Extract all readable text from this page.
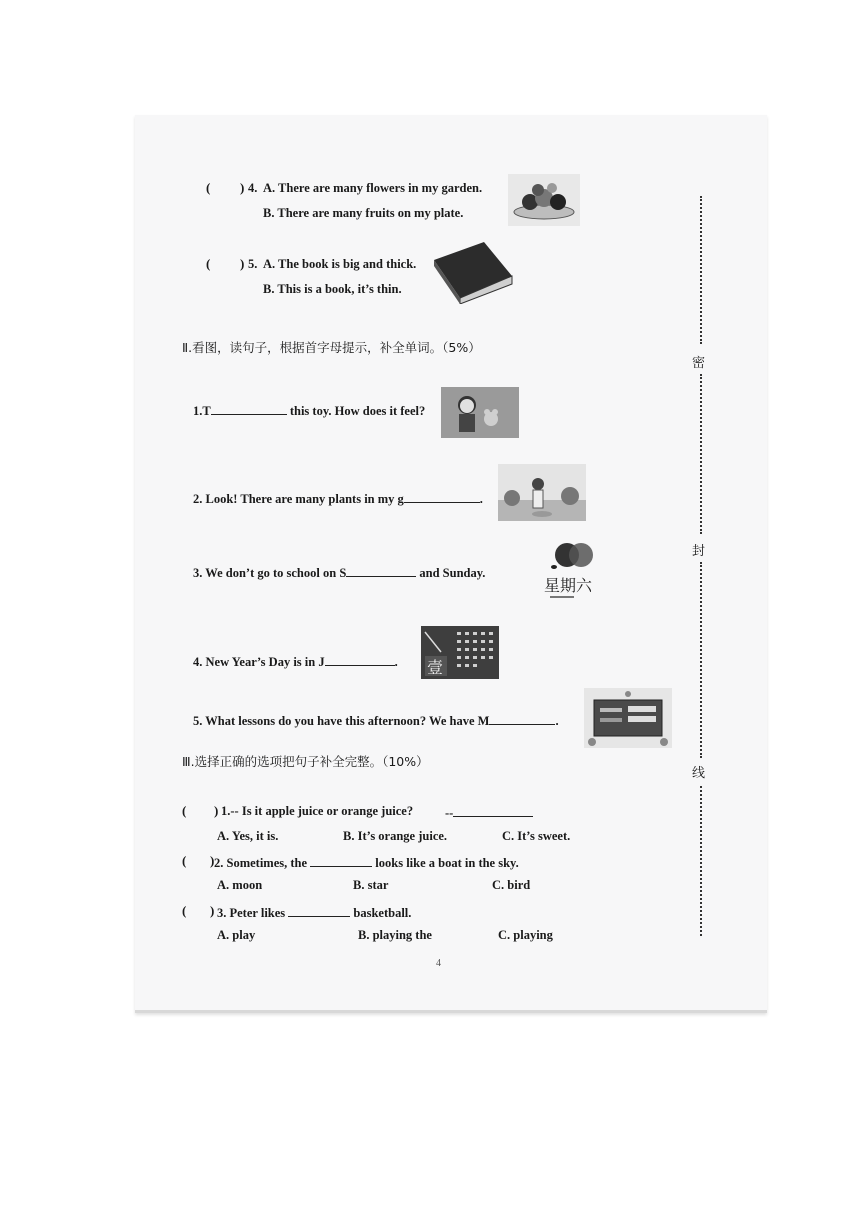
( ) 4. A. There are many flowers in my garden.
B. There are many fruits on my plate.
( ) 5. A. The book is big and thick.
B. This is a book, it’s thin.
Ⅱ.看图，读句子，根据首字母提示，补全单词。（5%）
1.T	this toy. How does it feel?
2. Look! There are many plants in my g	.
3. We don’t go to school on S	and Sunday.
星期六
4. New Year’s Day is in J	. 壹
5. What lessons do you have this afternoon? We have M	.
Ⅲ.选择正确的选项把句子补全完整。（10%）
( ) 1.-- Is it apple juice or orange juice?	--
A. Yes, it is.	B. It’s orange juice.	C. It’s sweet.
( ) 2. Sometimes, the	looks like a boat in the sky.
A. moon	B. star	C. bird
( ) 3. Peter likes	basketball.
A. play	B. playing the	C. playing
密
封
线
4
